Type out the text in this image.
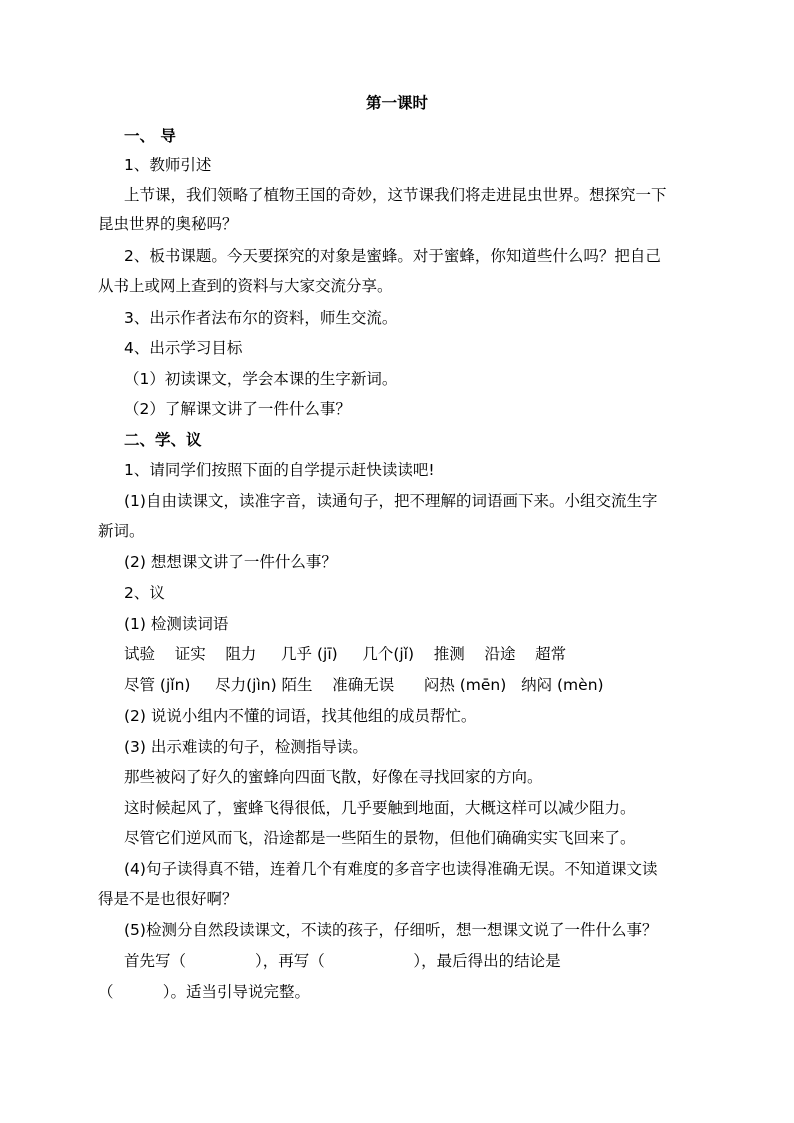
第一课时
一、 导
1、教师引述
上节课，我们领略了植物王国的奇妙，这节课我们将走进昆虫世界。想探究一下
昆虫世界的奥秘吗？
2、板书课题。今天要探究的对象是蜜蜂。对于蜜蜂，你知道些什么吗？把自己
从书上或网上查到的资料与大家交流分享。
3、出示作者法布尔的资料，师生交流。
4、出示学习目标
（1）初读课文，学会本课的生字新词。
（2）了解课文讲了一件什么事？
二、学、议
1、请同学们按照下面的自学提示赶快读读吧!
(1)自由读课文，读准字音，读通句子，把不理解的词语画下来。小组交流生字
新词。
(2) 想想课文讲了一件什么事？
2、议
(1) 检测读词语
试验    证实    阻力     几乎 (jī)     几个(jǐ)    推测    沿途    超常
尽管 (jǐn)     尽力(jìn) 陌生    准确无误      闷热 (mēn)   纳闷 (mèn)
(2) 说说小组内不懂的词语，找其他组的成员帮忙。
(3) 出示难读的句子，检测指导读。
那些被闷了好久的蜜蜂向四面飞散，好像在寻找回家的方向。
这时候起风了，蜜蜂飞得很低，几乎要触到地面，大概这样可以减少阻力。
尽管它们逆风而飞，沿途都是一些陌生的景物，但他们确确实实飞回来了。
(4)句子读得真不错，连着几个有难度的多音字也读得准确无误。不知道课文读
得是不是也很好啊？
(5)检测分自然段读课文，不读的孩子，仔细听，想一想课文说了一件什么事？
首先写（              ），再写（                  ），最后得出的结论是
（          ）。适当引导说完整。
